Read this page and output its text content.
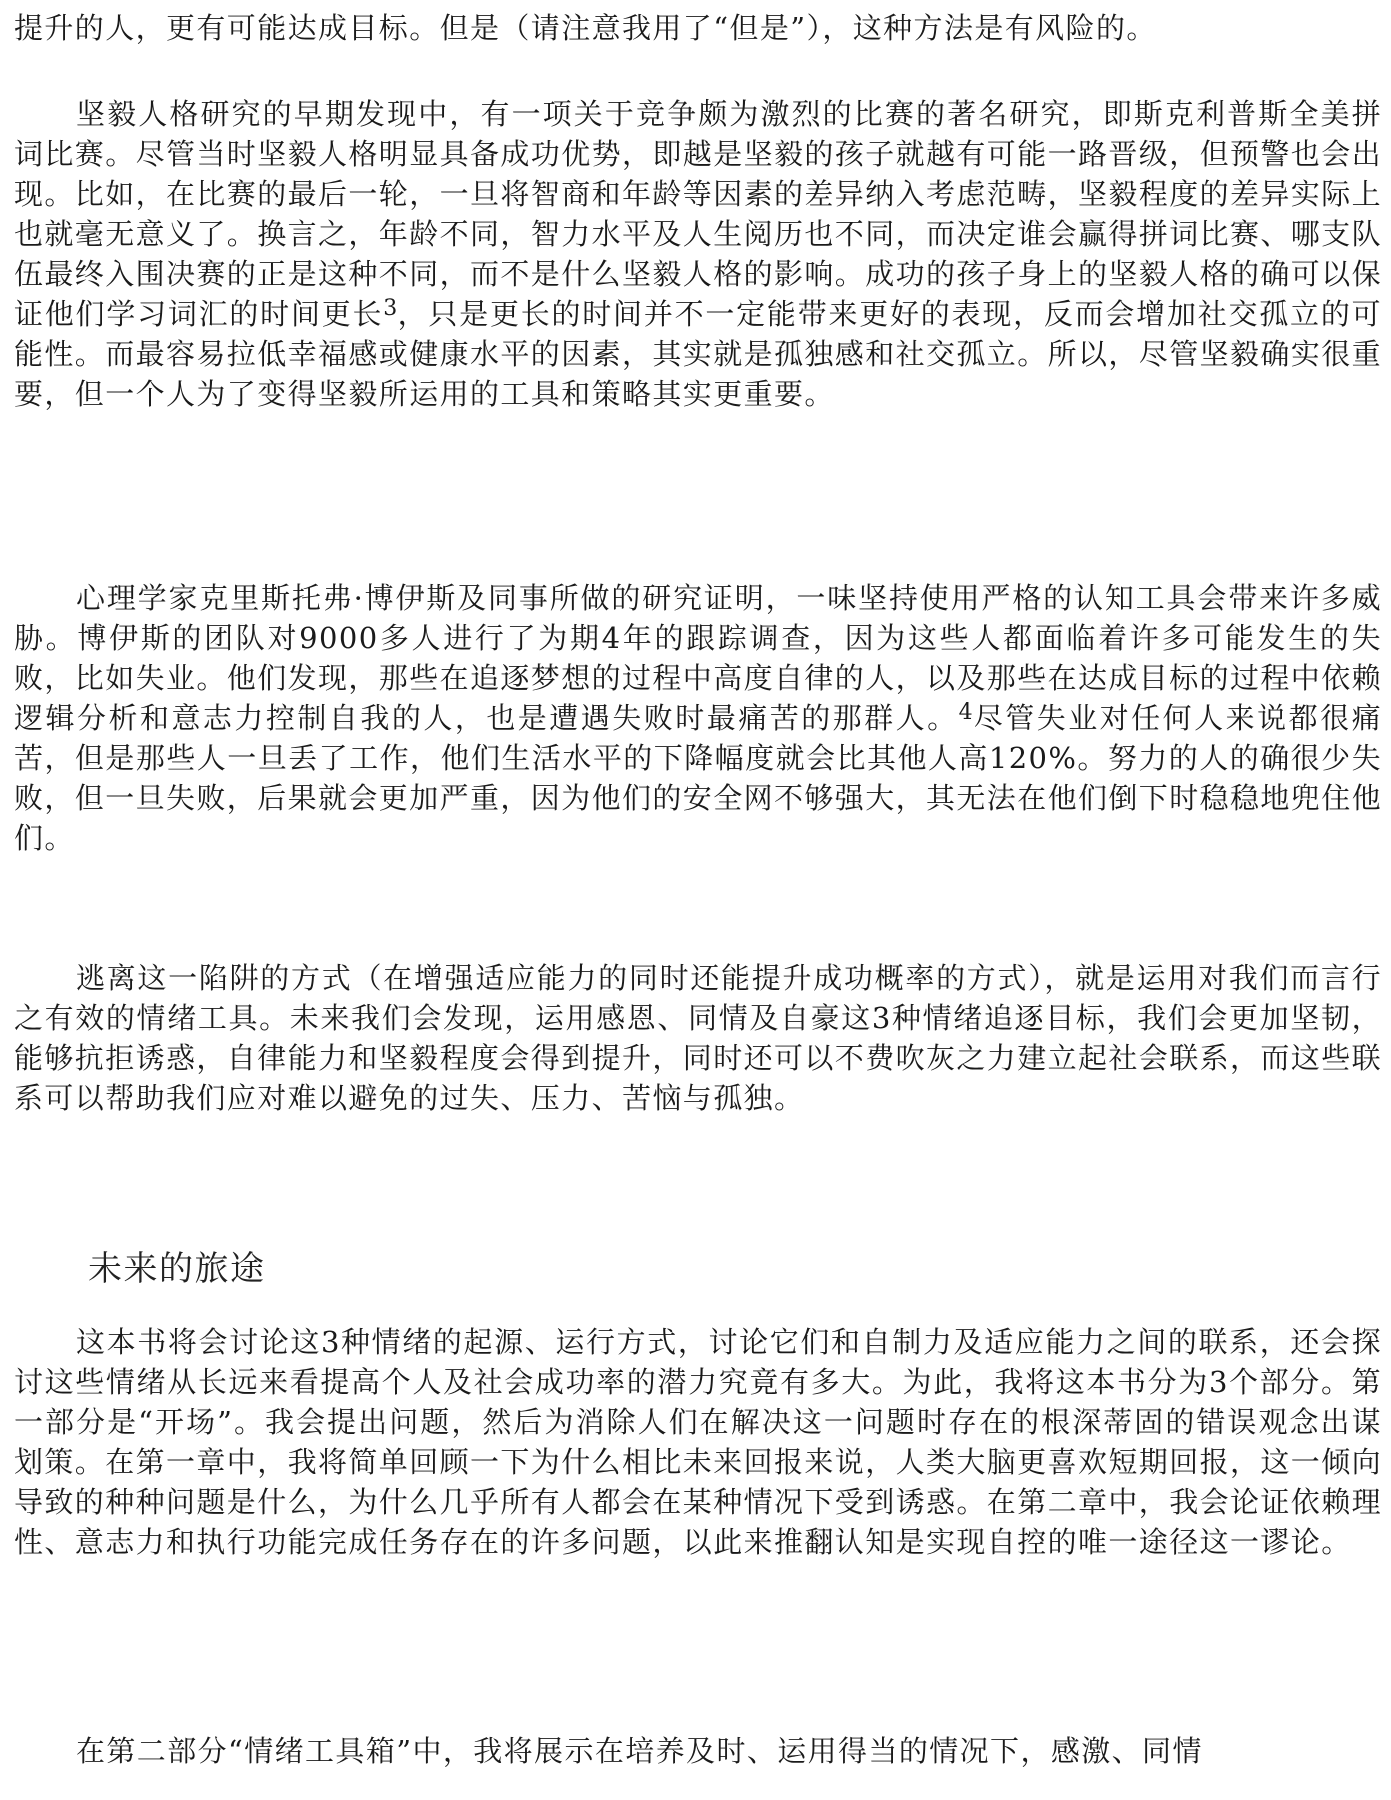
提升的人，更有可能达成目标。但是（请注意我用了“但是”），这种方法是有风险的。

坚毅人格研究的早期发现中，有一项关于竞争颇为激烈的比赛的著名研究，即斯克利普斯全美拼词比赛。尽管当时坚毅人格明显具备成功优势，即越是坚毅的孩子就越有可能一路晋级，但预警也会出现。比如，在比赛的最后一轮，一旦将智商和年龄等因素的差异纳入考虑范畴，坚毅程度的差异实际上也就毫无意义了。换言之，年龄不同，智力水平及人生阅历也不同，而决定谁会赢得拼词比赛、哪支队伍最终入围决赛的正是这种不同，而不是什么坚毅人格的影响。成功的孩子身上的坚毅人格的确可以保证他们学习词汇的时间更长$^3$，只是更长的时间并不一定能带来更好的表现，反而会增加社交孤立的可能性。而最容易拉低幸福感或健康水平的因素，其实就是孤独感和社交孤立。所以，尽管坚毅确实很重要，但一个人为了变得坚毅所运用的工具和策略其实更重要。

心理学家克里斯托弗·博伊斯及同事所做的研究证明，一味坚持使用严格的认知工具会带来许多威胁。博伊斯的团队对9000多人进行了为期4年的跟踪调查，因为这些人都面临着许多可能发生的失败，比如失业。他们发现，那些在追逐梦想的过程中高度自律的人，以及那些在达成目标的过程中依赖逻辑分析和意志力控制自我的人，也是遭遇失败时最痛苦的那群人。$^4$尽管失业对任何人来说都很痛苦，但是那些人一旦丢了工作，他们生活水平的下降幅度就会比其他人高120%。努力的人的确很少失败，但一旦失败，后果就会更加严重，因为他们的安全网不够强大，其无法在他们倒下时稳稳地兜住他们。

逃离这一陷阱的方式（在增强适应能力的同时还能提升成功概率的方式），就是运用对我们而言行之有效的情绪工具。未来我们会发现，运用感恩、同情及自豪这3种情绪追逐目标，我们会更加坚韧，能够抗拒诱惑，自律能力和坚毅程度会得到提升，同时还可以不费吹灰之力建立起社会联系，而这些联系可以帮助我们应对难以避免的过失、压力、苦恼与孤独。

未来的旅途

这本书将会讨论这3种情绪的起源、运行方式，讨论它们和自制力及适应能力之间的联系，还会探讨这些情绪从长远来看提高个人及社会成功率的潜力究竟有多大。为此，我将这本书分为3个部分。第一部分是“开场”。我会提出问题，然后为消除人们在解决这一问题时存在的根深蒂固的错误观念出谋划策。在第一章中，我将简单回顾一下为什么相比未来回报来说，人类大脑更喜欢短期回报，这一倾向导致的种种问题是什么，为什么几乎所有人都会在某种情况下受到诱惑。在第二章中，我会论证依赖理性、意志力和执行功能完成任务存在的许多问题，以此来推翻认知是实现自控的唯一途径这一谬论。

在第二部分“情绪工具箱”中，我将展示在培养及时、运用得当的情况下，感激、同情
